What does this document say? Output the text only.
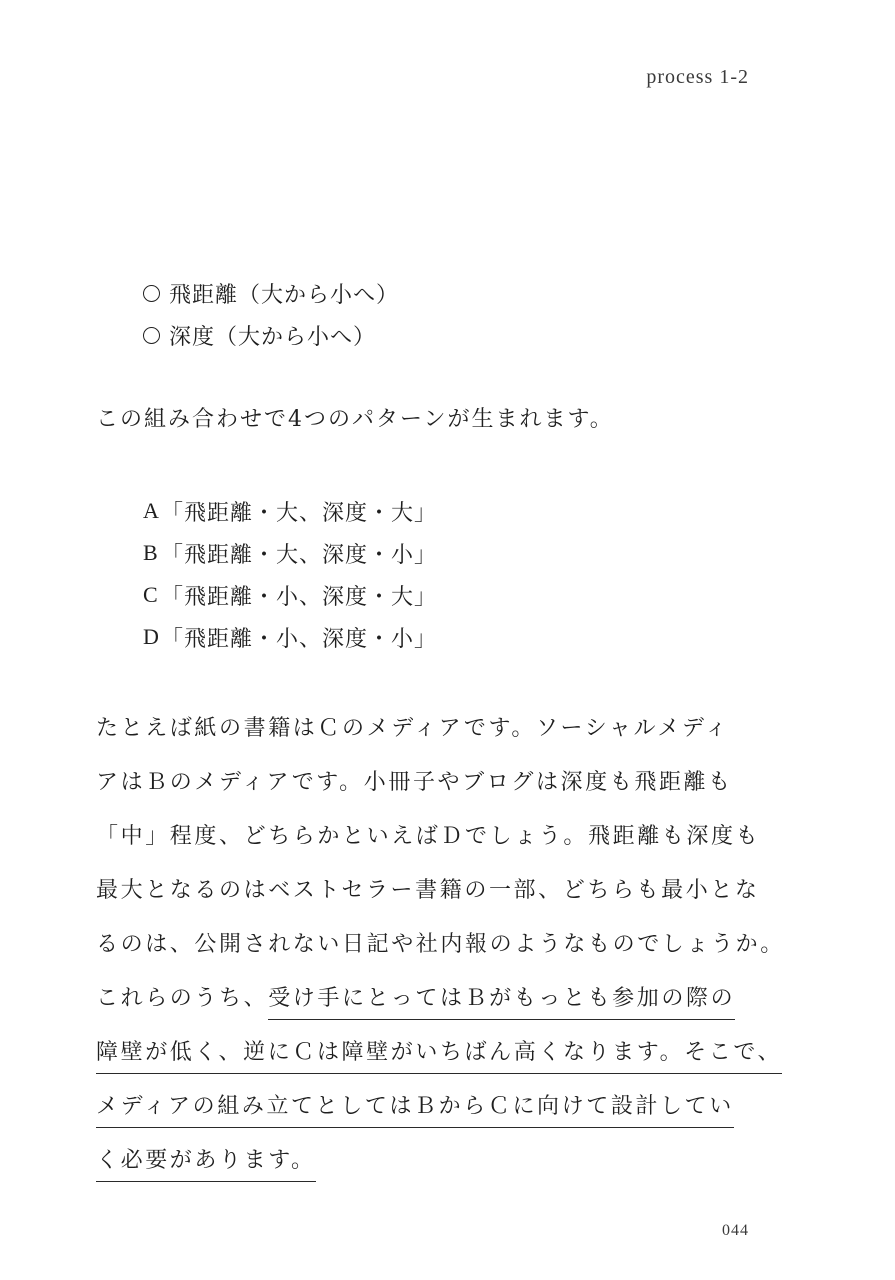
process 1-2
飛距離（大から小へ）
深度（大から小へ）
この組み合わせで4つのパターンが生まれます。
A 「飛距離・大、深度・大」
B 「飛距離・大、深度・小」
C 「飛距離・小、深度・大」
D 「飛距離・小、深度・小」
たとえば紙の書籍はＣのメディアです。ソーシャルメディ
アはＢのメディアです。小冊子やブログは深度も飛距離も
「中」程度、どちらかといえばＤでしょう。飛距離も深度も
最大となるのはベストセラー書籍の一部、どちらも最小とな
るのは、公開されない日記や社内報のようなものでしょうか。
これらのうち、受け手にとってはＢがもっとも参加の際の
障壁が低く、逆にＣは障壁がいちばん高くなります。そこで、
メディアの組み立てとしてはＢからＣに向けて設計してい
く必要があります。
044
